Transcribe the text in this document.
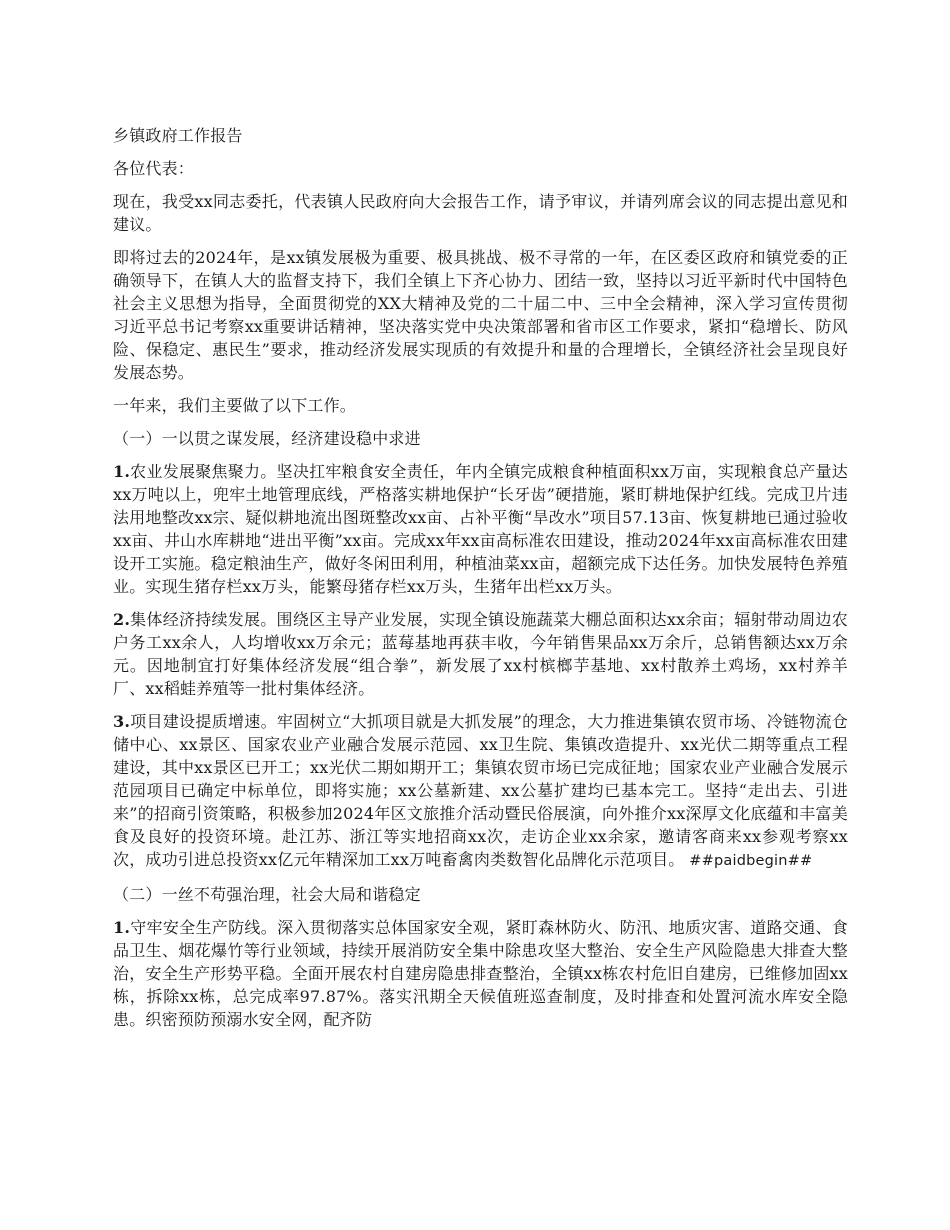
乡镇政府工作报告

各位代表：

现在，我受xx同志委托，代表镇人民政府向大会报告工作，请予审议，并请列席会议的同志提出意见和建议。

即将过去的2024年，是xx镇发展极为重要、极具挑战、极不寻常的一年，在区委区政府和镇党委的正确领导下，在镇人大的监督支持下，我们全镇上下齐心协力、团结一致，坚持以习近平新时代中国特色社会主义思想为指导，全面贯彻党的XX大精神及党的二十届二中、三中全会精神，深入学习宣传贯彻习近平总书记考察xx重要讲话精神，坚决落实党中央决策部署和省市区工作要求，紧扣“稳增长、防风险、保稳定、惠民生”要求，推动经济发展实现质的有效提升和量的合理增长，全镇经济社会呈现良好发展态势。

一年来，我们主要做了以下工作。

（一）一以贯之谋发展，经济建设稳中求进

1.农业发展聚焦聚力。坚决扛牢粮食安全责任，年内全镇完成粮食种植面积xx万亩，实现粮食总产量达xx万吨以上，兜牢土地管理底线，严格落实耕地保护“长牙齿”硬措施，紧盯耕地保护红线。完成卫片违法用地整改xx宗、疑似耕地流出图斑整改xx亩、占补平衡“旱改水”项目57.13亩、恢复耕地已通过验收xx亩、井山水库耕地“进出平衡”xx亩。完成xx年xx亩高标准农田建设，推动2024年xx亩高标准农田建设开工实施。稳定粮油生产，做好冬闲田利用，种植油菜xx亩，超额完成下达任务。加快发展特色养殖业。实现生猪存栏xx万头，能繁母猪存栏xx万头，生猪年出栏xx万头。

2.集体经济持续发展。围绕区主导产业发展，实现全镇设施蔬菜大棚总面积达xx余亩；辐射带动周边农户务工xx余人，人均增收xx万余元；蓝莓基地再获丰收，今年销售果品xx万余斤，总销售额达xx万余元。因地制宜打好集体经济发展“组合拳”，新发展了xx村槟榔芋基地、xx村散养土鸡场，xx村养羊厂、xx稻蛙养殖等一批村集体经济。

3.项目建设提质增速。牢固树立“大抓项目就是大抓发展”的理念，大力推进集镇农贸市场、冷链物流仓储中心、xx景区、国家农业产业融合发展示范园、xx卫生院、集镇改造提升、xx光伏二期等重点工程建设，其中xx景区已开工；xx光伏二期如期开工；集镇农贸市场已完成征地；国家农业产业融合发展示范园项目已确定中标单位，即将实施；xx公墓新建、xx公墓扩建均已基本完工。坚持“走出去、引进来”的招商引资策略，积极参加2024年区文旅推介活动暨民俗展演，向外推介xx深厚文化底蕴和丰富美食及良好的投资环境。赴江苏、浙江等实地招商xx次，走访企业xx余家，邀请客商来xx参观考察xx次，成功引进总投资xx亿元年精深加工xx万吨畜禽肉类数智化品牌化示范项目。 ##paidbegin##

（二）一丝不苟强治理，社会大局和谐稳定

1.守牢安全生产防线。深入贯彻落实总体国家安全观，紧盯森林防火、防汛、地质灾害、道路交通、食品卫生、烟花爆竹等行业领域，持续开展消防安全集中除患攻坚大整治、安全生产风险隐患大排查大整治，安全生产形势平稳。全面开展农村自建房隐患排查整治，全镇xx栋农村危旧自建房，已维修加固xx栋，拆除xx栋，总完成率97.87%。落实汛期全天候值班巡查制度，及时排查和处置河流水库安全隐患。织密预防预溺水安全网，配齐防
